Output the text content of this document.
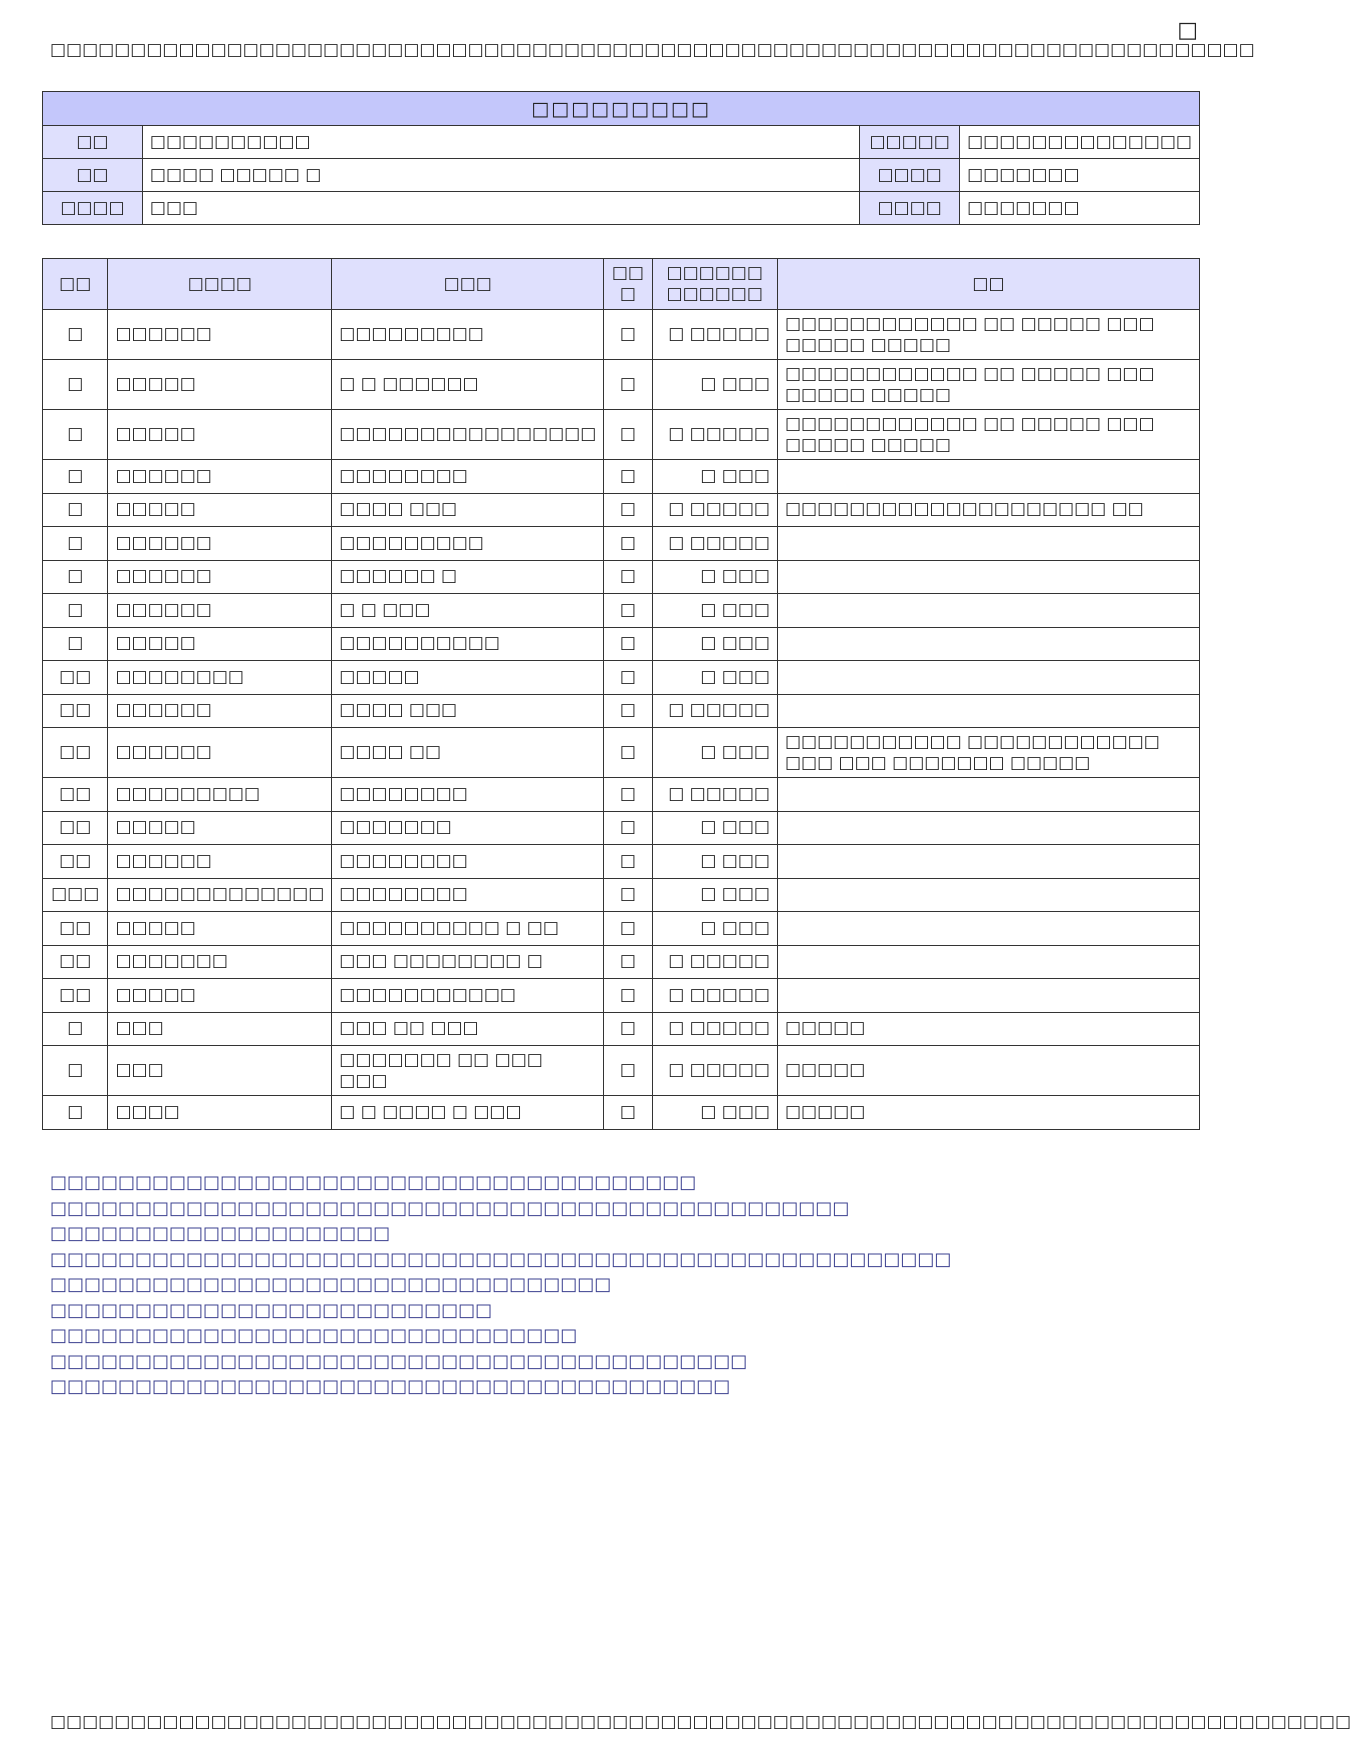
□
□□□□□□□□□□□□□□□□□□□□□□□□□□□□□□□□□□□□□□□□□□□□□□□□□□□□□□□□□□□□□□□□□□□□□□□□□□□
□□□□□□□□□			
□□	□□□□□□□□□□	□□□□□	□□□□□□□□□□□□□□
□□	□□□□ □□□□□ □	□□□□	□□□□□□□
□□□□	□□□	□□□□	□□□□□□□
□□	□□□□	□□□	□□ □	□□□□□□ □□□□□□	□□
□	□□□□□□	□□□□□□□□□	□	□ □□□□□	□□□□□□□□□□□□ □□ □□□□□ □□□ □□□□□ □□□□□
□	□□□□□	□ □ □□□□□□	□	□ □□□	□□□□□□□□□□□□ □□ □□□□□ □□□ □□□□□ □□□□□
□	□□□□□	□□□□□□□□□□□□□□□□	□	□ □□□□□	□□□□□□□□□□□□ □□ □□□□□ □□□ □□□□□ □□□□□
□	□□□□□□	□□□□□□□□	□	□ □□□	
□	□□□□□	□□□□ □□□	□	□ □□□□□	□□□□□□□□□□□□□□□□□□□□ □□
□	□□□□□□	□□□□□□□□□	□	□ □□□□□	
□	□□□□□□	□□□□□□ □	□	□ □□□	
□	□□□□□□	□ □ □□□	□	□ □□□	
□	□□□□□	□□□□□□□□□□	□	□ □□□	
□□	□□□□□□□□	□□□□□	□	□ □□□	
□□	□□□□□□	□□□□ □□□	□	□ □□□□□	
□□	□□□□□□	□□□□ □□	□	□ □□□	□□□□□□□□□□□ □□□□□□□□□□□□ □□□ □□□ □□□□□□□ □□□□□
□□	□□□□□□□□□	□□□□□□□□	□	□ □□□□□	
□□	□□□□□	□□□□□□□	□	□ □□□	
□□	□□□□□□	□□□□□□□□	□	□ □□□	
□□□	□□□□□□□□□□□□□	□□□□□□□□	□	□ □□□	
□□	□□□□□	□□□□□□□□□□ □ □□	□	□ □□□	
□□	□□□□□□□	□□□ □□□□□□□□ □	□	□ □□□□□	
□□	□□□□□	□□□□□□□□□□□	□	□ □□□□□	
□	□□□	□□□ □□ □□□	□	□ □□□□□	□□□□□
□	□□□	□□□□□□□ □□ □□□ □□□	□	□ □□□□□	□□□□□
□	□□□□	□ □ □□□□ □ □□□	□	□ □□□	□□□□□
□□□□□□□□□□□□□□□□□□□□□□□□□□□□□□□□□□□□□□
□□□□□□□□□□□□□□□□□□□□□□□□□□□□□□□□□□□□□□□□□□□□□□□
□□□□□□□□□□□□□□□□□□□□
□□□□□□□□□□□□□□□□□□□□□□□□□□□□□□□□□□□□□□□□□□□□□□□□□□□□□
□□□□□□□□□□□□□□□□□□□□□□□□□□□□□□□□□
□□□□□□□□□□□□□□□□□□□□□□□□□□
□□□□□□□□□□□□□□□□□□□□□□□□□□□□□□□
□□□□□□□□□□□□□□□□□□□□□□□□□□□□□□□□□□□□□□□□□
□□□□□□□□□□□□□□□□□□□□□□□□□□□□□□□□□□□□□□□□
□□□□□□□□□□□□□□□□□□□□□□□□□□□□□□□□□□□□□□□□□□□□□□□□□□□□□□□□□□□□□□□□□□□□□□□□□□□□□□□□□
